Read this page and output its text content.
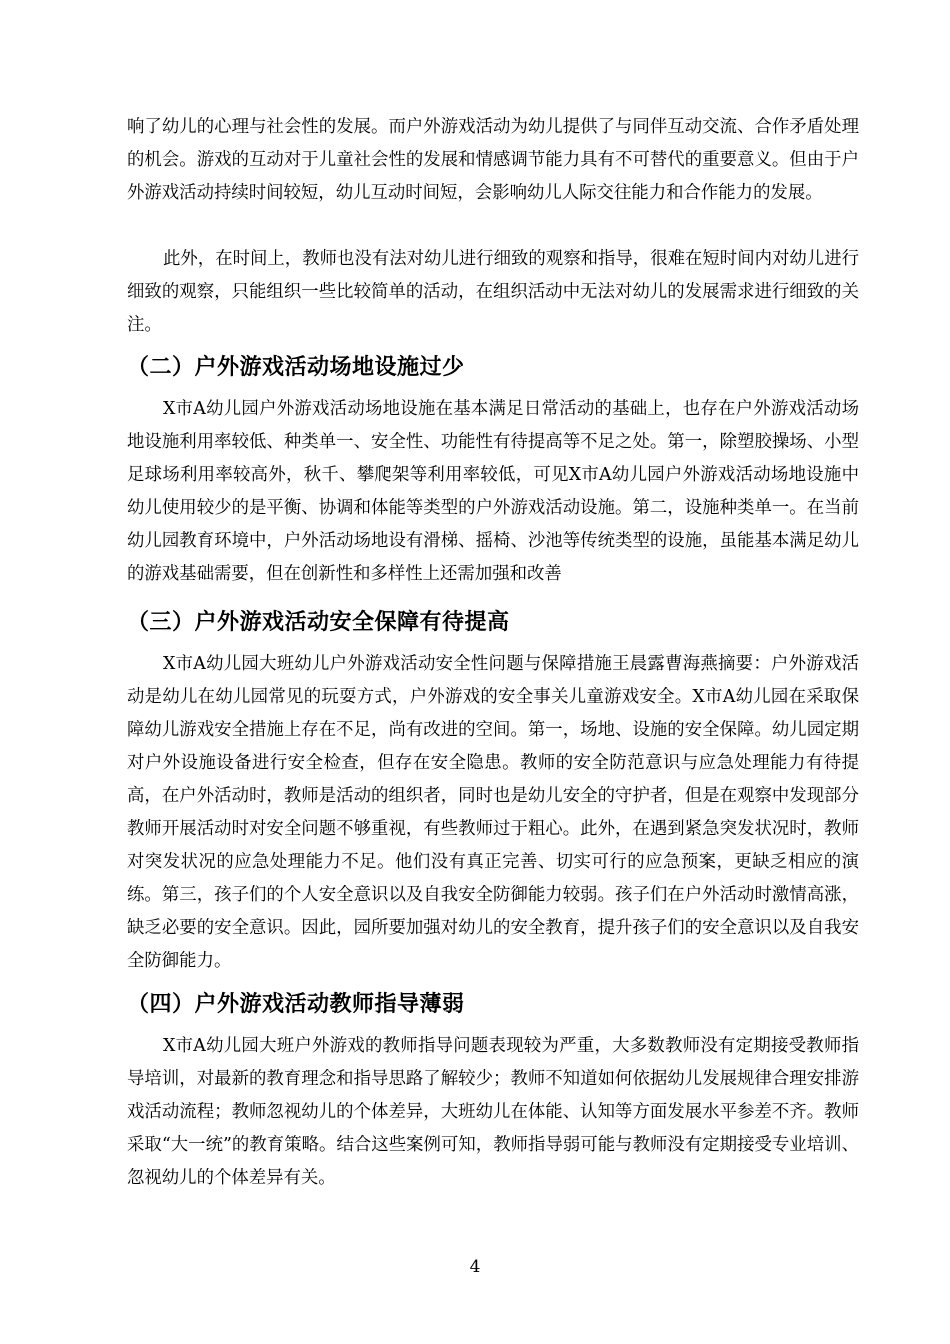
响了幼儿的心理与社会性的发展。而户外游戏活动为幼儿提供了与同伴互动交流、合作矛盾处理的机会。游戏的互动对于儿童社会性的发展和情感调节能力具有不可替代的重要意义。但由于户外游戏活动持续时间较短，幼儿互动时间短，会影响幼儿人际交往能力和合作能力的发展。

此外，在时间上，教师也没有法对幼儿进行细致的观察和指导，很难在短时间内对幼儿进行细致的观察，只能组织一些比较简单的活动，在组织活动中无法对幼儿的发展需求进行细致的关注。

（二）户外游戏活动场地设施过少

X市A幼儿园户外游戏活动场地设施在基本满足日常活动的基础上，也存在户外游戏活动场地设施利用率较低、种类单一、安全性、功能性有待提高等不足之处。第一，除塑胶操场、小型足球场利用率较高外，秋千、攀爬架等利用率较低，可见X市A幼儿园户外游戏活动场地设施中幼儿使用较少的是平衡、协调和体能等类型的户外游戏活动设施。第二，设施种类单一。在当前幼儿园教育环境中，户外活动场地设有滑梯、摇椅、沙池等传统类型的设施，虽能基本满足幼儿的游戏基础需要，但在创新性和多样性上还需加强和改善

（三）户外游戏活动安全保障有待提高

X市A幼儿园大班幼儿户外游戏活动安全性问题与保障措施王晨露曹海燕摘要：户外游戏活动是幼儿在幼儿园常见的玩耍方式，户外游戏的安全事关儿童游戏安全。X市A幼儿园在采取保障幼儿游戏安全措施上存在不足，尚有改进的空间。第一，场地、设施的安全保障。幼儿园定期对户外设施设备进行安全检查，但存在安全隐患。教师的安全防范意识与应急处理能力有待提高，在户外活动时，教师是活动的组织者，同时也是幼儿安全的守护者，但是在观察中发现部分教师开展活动时对安全问题不够重视，有些教师过于粗心。此外，在遇到紧急突发状况时，教师对突发状况的应急处理能力不足。他们没有真正完善、切实可行的应急预案，更缺乏相应的演练。第三，孩子们的个人安全意识以及自我安全防御能力较弱。孩子们在户外活动时激情高涨，缺乏必要的安全意识。因此，园所要加强对幼儿的安全教育，提升孩子们的安全意识以及自我安全防御能力。

（四）户外游戏活动教师指导薄弱

X市A幼儿园大班户外游戏的教师指导问题表现较为严重，大多数教师没有定期接受教师指导培训，对最新的教育理念和指导思路了解较少；教师不知道如何依据幼儿发展规律合理安排游戏活动流程；教师忽视幼儿的个体差异，大班幼儿在体能、认知等方面发展水平参差不齐。教师采取“大一统”的教育策略。结合这些案例可知，教师指导弱可能与教师没有定期接受专业培训、忽视幼儿的个体差异有关。

4
